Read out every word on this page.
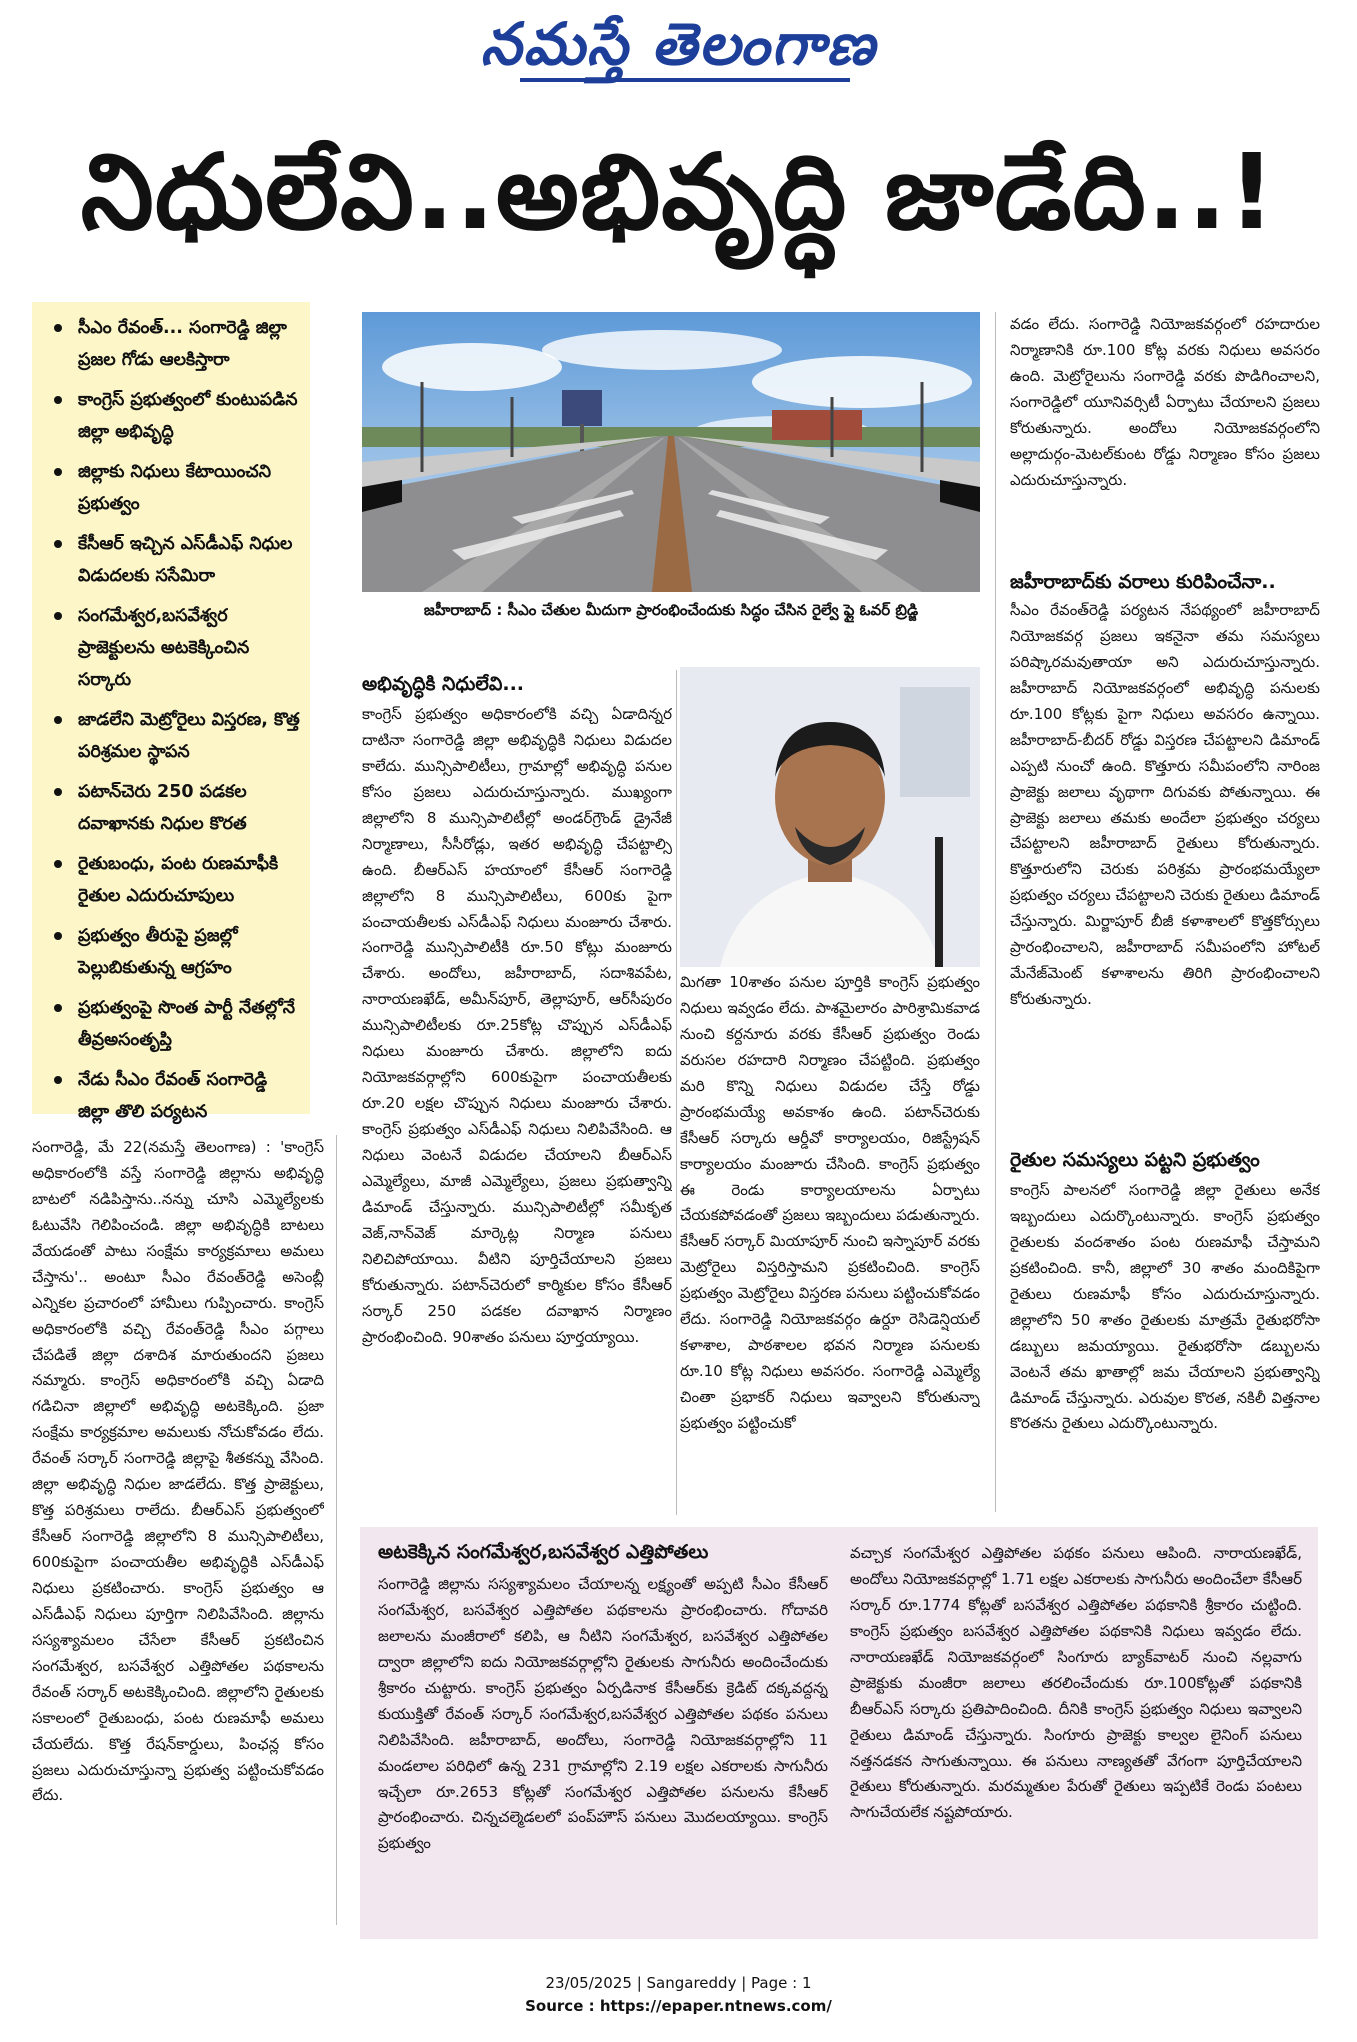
నమస్తే తెలంగాణ
నిధులేవి..అభివృద్ధి జాడేది..!
సీఎం రేవంత్... సంగారెడ్డి జిల్లా ప్రజల గోడు ఆలకిస్తారా
కాంగ్రెస్ ప్రభుత్వంలో కుంటుపడిన జిల్లా అభివృద్ధి
జిల్లాకు నిధులు కేటాయించని ప్రభుత్వం
కేసీఆర్ ఇచ్చిన ఎస్‌డీఎఫ్ నిధుల విడుదలకు ససేమిరా
సంగమేశ్వర,బసవేశ్వర ప్రాజెక్టులను అటకెక్కించిన సర్కారు
జాడలేని మెట్రోరైలు విస్తరణ, కొత్త పరిశ్రమల స్థాపన
పటాన్‌చెరు 250 పడకల దవాఖానకు నిధుల కొరత
రైతుబంధు, పంట రుణమాఫీకి రైతుల ఎదురుచూపులు
ప్రభుత్వం తీరుపై ప్రజల్లో పెల్లుబికుతున్న ఆగ్రహం
ప్రభుత్వంపై సొంత పార్టీ నేతల్లోనే తీవ్రఅసంతృప్తి
నేడు సీఎం రేవంత్ సంగారెడ్డి జిల్లా తొలి పర్యటన
జహీరాబాద్ : సీఎం చేతుల మీదుగా ప్రారంభించేందుకు సిద్ధం చేసిన రైల్వే ఫ్లై ఓవర్ బ్రిడ్జి
సంగారెడ్డి, మే 22(నమస్తే తెలంగాణ) : 'కాంగ్రెస్ అధికారంలోకి వస్తే సంగారెడ్డి జిల్లాను అభివృద్ధి బాటలో నడిపిస్తాను..నన్ను చూసి ఎమ్మెల్యేలకు ఓటువేసి గెలిపించండి. జిల్లా అభివృద్ధికి బాటలు వేయడంతో పాటు సంక్షేమ కార్యక్రమాలు అమలు చేస్తాను'.. అంటూ సీఎం రేవంత్‌రెడ్డి అసెంబ్లీ ఎన్నికల ప్రచారంలో హామీలు గుప్పించారు. కాంగ్రెస్ అధికారంలోకి వచ్చి రేవంత్‌రెడ్డి సీఎం పగ్గాలు చేపడితే జిల్లా దశాదిశ మారుతుందని ప్రజలు నమ్మారు. కాంగ్రెస్ అధికారంలోకి వచ్చి ఏడాది గడిచినా జిల్లాలో అభివృద్ధి అటకెక్కింది. ప్రజా సంక్షేమ కార్యక్రమాల అమలుకు నోచుకోవడం లేదు. రేవంత్ సర్కార్ సంగారెడ్డి జిల్లాపై శీతకన్ను వేసింది. జిల్లా అభివృద్ధి నిధుల జాడలేదు. కొత్త ప్రాజెక్టులు, కొత్త పరిశ్రమలు రాలేదు. బీఆర్ఎస్ ప్రభుత్వంలో కేసీఆర్ సంగారెడ్డి జిల్లాలోని 8 మున్సిపాలిటీలు, 600కుపైగా పంచాయతీల అభివృద్ధికి ఎస్‌డీఎఫ్ నిధులు ప్రకటించారు. కాంగ్రెస్ ప్రభుత్వం ఆ ఎస్‌డీఎఫ్ నిధులు పూర్తిగా నిలిపివేసింది. జిల్లాను సస్యశ్యామలం చేసేలా కేసీఆర్ ప్రకటించిన సంగమేశ్వర, బసవేశ్వర ఎత్తిపోతల పథకాలను రేవంత్ సర్కార్ అటకెక్కించింది. జిల్లాలోని రైతులకు సకాలంలో రైతుబంధు, పంట రుణమాఫీ అమలు చేయలేదు. కొత్త రేషన్‌కార్డులు, పింఛన్ల కోసం ప్రజలు ఎదురుచూస్తున్నా ప్రభుత్వ పట్టించుకోవడం లేదు.
అభివృద్ధికి నిధులేవి...
కాంగ్రెస్ ప్రభుత్వం అధికారంలోకి వచ్చి ఏడాదిన్నర దాటినా సంగారెడ్డి జిల్లా అభివృద్ధికి నిధులు విడుదల కాలేదు. మున్సిపాలిటీలు, గ్రామాల్లో అభివృద్ధి పనుల కోసం ప్రజలు ఎదురుచూస్తున్నారు. ముఖ్యంగా జిల్లాలోని 8 మున్సిపాలిటీల్లో అండర్‌గ్రౌండ్ డ్రైనేజీ నిర్మాణాలు, సీసీరోడ్లు, ఇతర అభివృద్ధి చేపట్టాల్సి ఉంది. బీఆర్ఎస్ హయాంలో కేసీఆర్ సంగారెడ్డి జిల్లాలోని 8 మున్సిపాలిటీలు, 600కు పైగా పంచాయతీలకు ఎస్‌డీఎఫ్ నిధులు మంజూరు చేశారు. సంగారెడ్డి మున్సిపాలిటీకి రూ.50 కోట్లు మంజూరు చేశారు. అందోలు, జహీరాబాద్, సదాశివపేట, నారాయణఖేడ్, అమీన్‌పూర్, తెల్లాపూర్, ఆర్‌సీపురం మున్సిపాలిటీలకు రూ.25కోట్ల చొప్పున ఎస్‌డీఎఫ్ నిధులు మంజూరు చేశారు. జిల్లాలోని ఐదు నియోజకవర్గాల్లోని 600కుపైగా పంచాయతీలకు రూ.20 లక్షల చొప్పున నిధులు మంజూరు చేశారు. కాంగ్రెస్ ప్రభుత్వం ఎస్‌డీఎఫ్ నిధులు నిలిపివేసింది. ఆ నిధులు వెంటనే విడుదల చేయాలని బీఆర్ఎస్ ఎమ్మెల్యేలు, మాజీ ఎమ్మెల్యేలు, ప్రజలు ప్రభుత్వాన్ని డిమాండ్ చేస్తున్నారు. మున్సిపాలిటీల్లో సమీకృత వెజ్,నాన్‌వెజ్ మార్కెట్ల నిర్మాణ పనులు నిలిచిపోయాయి. వీటిని పూర్తిచేయాలని ప్రజలు కోరుతున్నారు. పటాన్‌చెరులో కార్మికుల కోసం కేసీఆర్ సర్కార్ 250 పడకల దవాఖాన నిర్మాణం ప్రారంభించింది. 90శాతం పనులు పూర్తయ్యాయి.
మిగతా 10శాతం పనుల పూర్తికి కాంగ్రెస్ ప్రభుత్వం నిధులు ఇవ్వడం లేదు. పాశమైలారం పారిశ్రామికవాడ నుంచి కర్దనూరు వరకు కేసీఆర్ ప్రభుత్వం రెండు వరుసల రహదారి నిర్మాణం చేపట్టింది. ప్రభుత్వం మరి కొన్ని నిధులు విడుదల చేస్తే రోడ్డు ప్రారంభమయ్యే అవకాశం ఉంది. పటాన్‌చెరుకు కేసీఆర్ సర్కారు ఆర్డీవో కార్యాలయం, రిజిస్ట్రేషన్ కార్యాలయం మంజూరు చేసింది. కాంగ్రెస్ ప్రభుత్వం ఈ రెండు కార్యాలయాలను ఏర్పాటు చేయకపోవడంతో ప్రజలు ఇబ్బందులు పడుతున్నారు. కేసీఆర్ సర్కార్ మియాపూర్ నుంచి ఇస్నాపూర్ వరకు మెట్రోరైలు విస్తరిస్తామని ప్రకటించింది. కాంగ్రెస్ ప్రభుత్వం మెట్రోరైలు విస్తరణ పనులు పట్టించుకోవడం లేదు. సంగారెడ్డి నియోజకవర్గం ఉర్దూ రెసిడెన్షియల్ కళాశాల, పాఠశాలల భవన నిర్మాణ పనులకు రూ.10 కోట్ల నిధులు అవసరం. సంగారెడ్డి ఎమ్మెల్యే చింతా ప్రభాకర్ నిధులు ఇవ్వాలని కోరుతున్నా ప్రభుత్వం పట్టించుకో
వడం లేదు. సంగారెడ్డి నియోజకవర్గంలో రహదారుల నిర్మాణానికి రూ.100 కోట్ల వరకు నిధులు అవసరం ఉంది. మెట్రోరైలును సంగారెడ్డి వరకు పొడిగించాలని, సంగారెడ్డిలో యూనివర్సిటీ ఏర్పాటు చేయాలని ప్రజలు కోరుతున్నారు. అందోలు నియోజకవర్గంలోని అల్లాదుర్గం-మెటల్‌కుంట రోడ్డు నిర్మాణం కోసం ప్రజలు ఎదురుచూస్తున్నారు.
జహీరాబాద్‌కు వరాలు కురిపించేనా..
సీఎం రేవంత్‌రెడ్డి పర్యటన నేపథ్యంలో జహీరాబాద్ నియోజకవర్గ ప్రజలు ఇకనైనా తమ సమస్యలు పరిష్కారమవుతాయా అని ఎదురుచూస్తున్నారు. జహీరాబాద్ నియోజకవర్గంలో అభివృద్ధి పనులకు రూ.100 కోట్లకు పైగా నిధులు అవసరం ఉన్నాయి. జహీరాబాద్-బీదర్ రోడ్డు విస్తరణ చేపట్టాలని డిమాండ్ ఎప్పటి నుంచో ఉంది. కొత్తూరు సమీపంలోని నారింజ ప్రాజెక్టు జలాలు వృథాగా దిగువకు పోతున్నాయి. ఈ ప్రాజెక్టు జలాలు తమకు అందేలా ప్రభుత్వం చర్యలు చేపట్టాలని జహీరాబాద్ రైతులు కోరుతున్నారు. కొత్తూరులోని చెరుకు పరిశ్రమ ప్రారంభమయ్యేలా ప్రభుత్వం చర్యలు చేపట్టాలని చెరుకు రైతులు డిమాండ్ చేస్తున్నారు. మిర్జాపూర్ బీజీ కళాశాలలో కొత్తకోర్సులు ప్రారంభించాలని, జహీరాబాద్ సమీపంలోని హోటల్ మేనేజ్‌మెంట్ కళాశాలను తిరిగి ప్రారంభించాలని కోరుతున్నారు.
రైతుల సమస్యలు పట్టని ప్రభుత్వం
కాంగ్రెస్ పాలనలో సంగారెడ్డి జిల్లా రైతులు అనేక ఇబ్బందులు ఎదుర్కొంటున్నారు. కాంగ్రెస్ ప్రభుత్వం రైతులకు వందశాతం పంట రుణమాఫీ చేస్తామని ప్రకటించింది. కానీ, జిల్లాలో 30 శాతం మందికిపైగా రైతులు రుణమాఫీ కోసం ఎదురుచూస్తున్నారు. జిల్లాలోని 50 శాతం రైతులకు మాత్రమే రైతుభరోసా డబ్బులు జమయ్యాయి. రైతుభరోసా డబ్బులను వెంటనే తమ ఖాతాల్లో జమ చేయాలని ప్రభుత్వాన్ని డిమాండ్ చేస్తున్నారు. ఎరువుల కొరత, నకిలీ విత్తనాల కొరతను రైతులు ఎదుర్కొంటున్నారు.
అటకెక్కిన సంగమేశ్వర,బసవేశ్వర ఎత్తిపోతలు
సంగారెడ్డి జిల్లాను సస్యశ్యామలం చేయాలన్న లక్ష్యంతో అప్పటి సీఎం కేసీఆర్ సంగమేశ్వర, బసవేశ్వర ఎత్తిపోతల పథకాలను ప్రారంభించారు. గోదావరి జలాలను మంజీరాలో కలిపి, ఆ నీటిని సంగమేశ్వర, బసవేశ్వర ఎత్తిపోతల ద్వారా జిల్లాలోని ఐదు నియోజకవర్గాల్లోని రైతులకు సాగునీరు అందించేందుకు శ్రీకారం చుట్టారు. కాంగ్రెస్ ప్రభుత్వం ఏర్పడినాక కేసీఆర్‌కు క్రెడిట్ దక్కవద్దన్న కుయుక్తితో రేవంత్ సర్కార్ సంగమేశ్వర,బసవేశ్వర ఎత్తిపోతల పథకం పనులు నిలిపివేసింది. జహీరాబాద్, అందోలు, సంగారెడ్డి నియోజకవర్గాల్లోని 11 మండలాల పరిధిలో ఉన్న 231 గ్రామాల్లోని 2.19 లక్షల ఎకరాలకు సాగునీరు ఇచ్చేలా రూ.2653 కోట్లతో సంగమేశ్వర ఎత్తిపోతల పనులను కేసీఆర్ ప్రారంభించారు. చిన్నచల్మెడలలో పంప్‌హౌస్ పనులు మొదలయ్యాయి. కాంగ్రెస్ ప్రభుత్వం
వచ్చాక సంగమేశ్వర ఎత్తిపోతల పథకం పనులు ఆపింది. నారాయణఖేడ్, అందోలు నియోజకవర్గాల్లో 1.71 లక్షల ఎకరాలకు సాగునీరు అందించేలా కేసీఆర్ సర్కార్ రూ.1774 కోట్లతో బసవేశ్వర ఎత్తిపోతల పథకానికి శ్రీకారం చుట్టింది. కాంగ్రెస్ ప్రభుత్వం బసవేశ్వర ఎత్తిపోతల పథకానికి నిధులు ఇవ్వడం లేదు. నారాయణఖేడ్ నియోజకవర్గంలో సింగూరు బ్యాక్‌వాటర్ నుంచి నల్లవాగు ప్రాజెక్టుకు మంజీరా జలాలు తరలించేందుకు రూ.100కోట్లతో పథకానికి బీఆర్ఎస్ సర్కారు ప్రతిపాదించింది. దీనికి కాంగ్రెస్ ప్రభుత్వం నిధులు ఇవ్వాలని రైతులు డిమాండ్ చేస్తున్నారు. సింగూరు ప్రాజెక్టు కాల్వల లైనింగ్ పనులు నత్తనడకన సాగుతున్నాయి. ఈ పనులు నాణ్యతతో వేగంగా పూర్తిచేయాలని రైతులు కోరుతున్నారు. మరమ్మతుల పేరుతో రైతులు ఇప్పటికే రెండు పంటలు సాగుచేయలేక నష్టపోయారు.
23/05/2025 | Sangareddy | Page : 1
Source : https://epaper.ntnews.com/
